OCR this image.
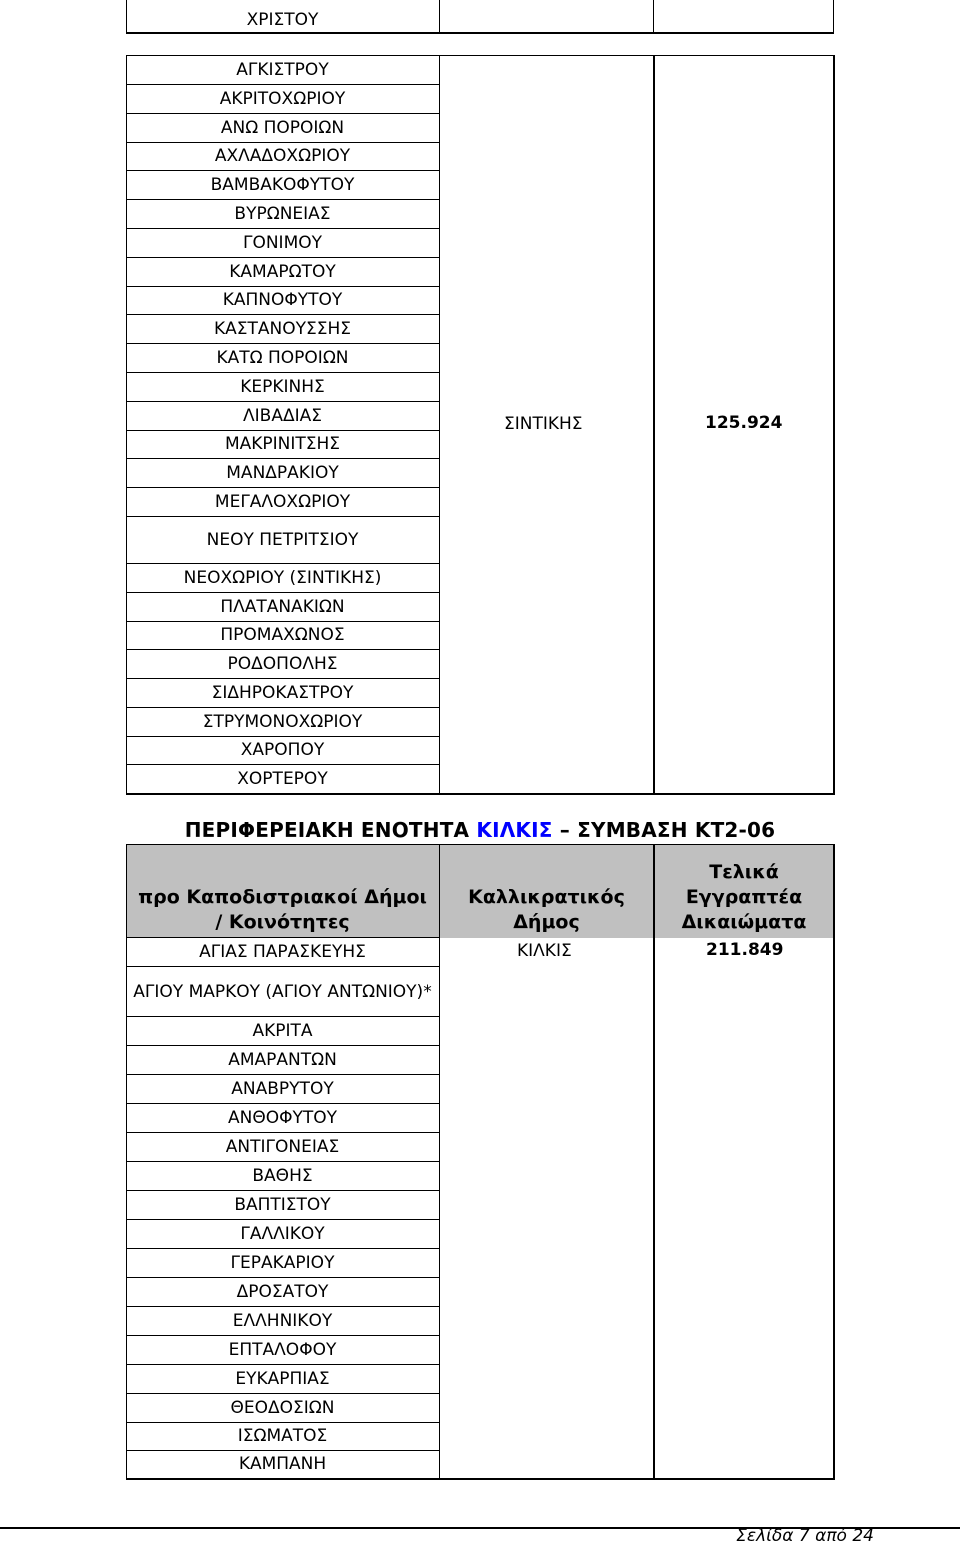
ΧΡΙΣΤΟΥ
ΑΓΚΙΣΤΡΟΥ
ΑΚΡΙΤΟΧΩΡΙΟΥ
ΑΝΩ ΠΟΡΟΙΩΝ
ΑΧΛΑΔΟΧΩΡΙΟΥ
ΒΑΜΒΑΚΟΦΥΤΟΥ
ΒΥΡΩΝΕΙΑΣ
ΓΟΝΙΜΟΥ
ΚΑΜΑΡΩΤΟΥ
ΚΑΠΝΟΦΥΤΟΥ
ΚΑΣΤΑΝΟΥΣΣΗΣ
ΚΑΤΩ ΠΟΡΟΙΩΝ
ΚΕΡΚΙΝΗΣ
ΛΙΒΑΔΙΑΣ
ΜΑΚΡΙΝΙΤΣΗΣ
ΜΑΝΔΡΑΚΙΟΥ
ΜΕΓΑΛΟΧΩΡΙΟΥ
ΝΕΟΥ ΠΕΤΡΙΤΣΙΟΥ
ΝΕΟΧΩΡΙΟΥ (ΣΙΝΤΙΚΗΣ)
ΠΛΑΤΑΝΑΚΙΩΝ
ΠΡΟΜΑΧΩΝΟΣ
ΡΟΔΟΠΟΛΗΣ
ΣΙΔΗΡΟΚΑΣΤΡΟΥ
ΣΤΡΥΜΟΝΟΧΩΡΙΟΥ
ΧΑΡΟΠΟΥ
ΧΟΡΤΕΡΟΥ
ΣΙΝΤΙΚΗΣ	125.924
ΠΕΡΙΦΕΡΕΙΑΚΗ ΕΝΟΤΗΤΑ ΚΙΛΚΙΣ – ΣΥΜΒΑΣΗ ΚΤ2-06
προ Καποδιστριακοί Δήμοι
/ Κοινότητες
Καλλικρατικός
Δήμος
Τελικά
Εγγραπτέα
Δικαιώματα
ΑΓΙΑΣ ΠΑΡΑΣΚΕΥΗΣ
ΑΓΙΟΥ ΜΑΡΚΟΥ (ΑΓΙΟΥ ΑΝΤΩΝΙΟΥ)*
ΑΚΡΙΤΑ
ΑΜΑΡΑΝΤΩΝ
ΑΝΑΒΡΥΤΟΥ
ΑΝΘΟΦΥΤΟΥ
ΑΝΤΙΓΟΝΕΙΑΣ
ΒΑΘΗΣ
ΒΑΠΤΙΣΤΟΥ
ΓΑΛΛΙΚΟΥ
ΓΕΡΑΚΑΡΙΟΥ
ΔΡΟΣΑΤΟΥ
ΕΛΛΗΝΙΚΟΥ
ΕΠΤΑΛΟΦΟΥ
ΕΥΚΑΡΠΙΑΣ
ΘΕΟΔΟΣΙΩΝ
ΙΣΩΜΑΤΟΣ
ΚΑΜΠΑΝΗ
ΚΙΛΚΙΣ	211.849
Σελίδα 7 από 24
